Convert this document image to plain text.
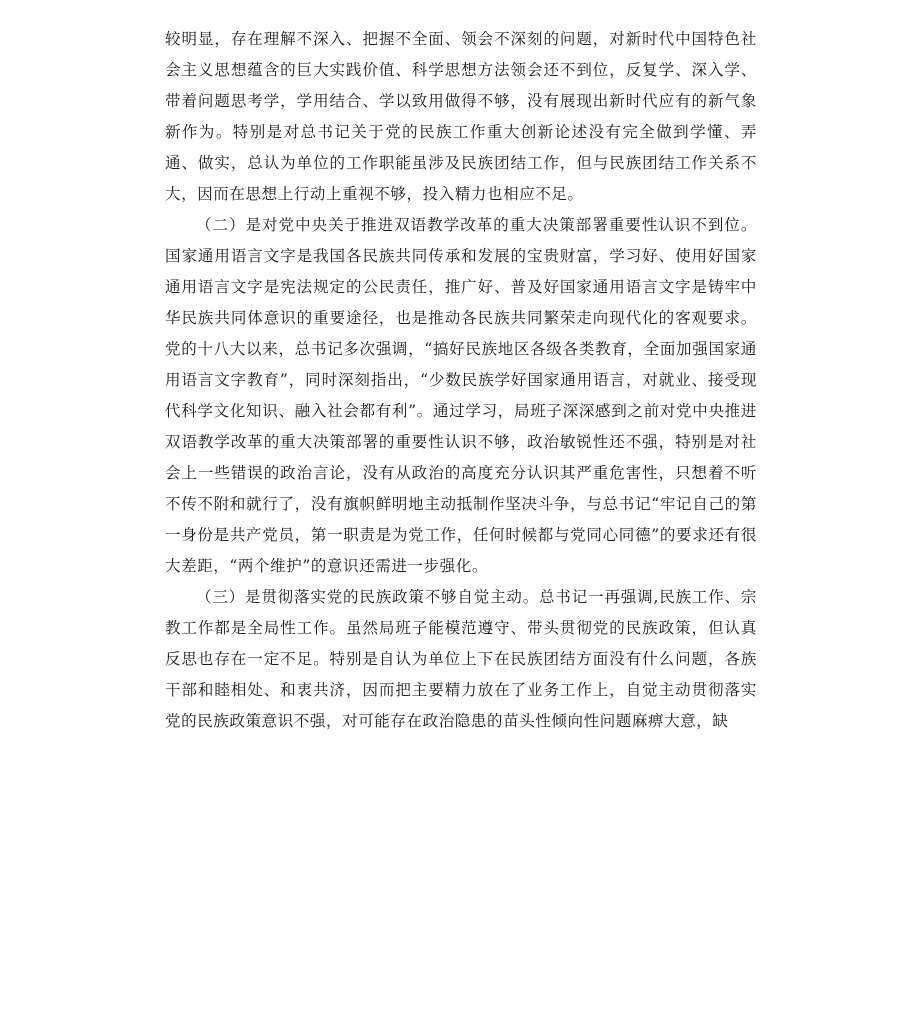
较明显，存在理解不深入、把握不全面、领会不深刻的问题，对新时代中国特色社会主义思想蕴含的巨大实践价值、科学思想方法领会还不到位，反复学、深入学、带着问题思考学，学用结合、学以致用做得不够，没有展现出新时代应有的新气象新作为。特别是对总书记关于党的民族工作重大创新论述没有完全做到学懂、弄通、做实，总认为单位的工作职能虽涉及民族团结工作，但与民族团结工作关系不大，因而在思想上行动上重视不够，投入精力也相应不足。

（二）是对党中央关于推进双语教学改革的重大决策部署重要性认识不到位。国家通用语言文字是我国各民族共同传承和发展的宝贵财富，学习好、使用好国家通用语言文字是宪法规定的公民责任，推广好、普及好国家通用语言文字是铸牢中华民族共同体意识的重要途径，也是推动各民族共同繁荣走向现代化的客观要求。党的十八大以来，总书记多次强调，“搞好民族地区各级各类教育，全面加强国家通用语言文字教育”，同时深刻指出，“少数民族学好国家通用语言，对就业、接受现代科学文化知识、融入社会都有利”。通过学习，局班子深深感到之前对党中央推进双语教学改革的重大决策部署的重要性认识不够，政治敏锐性还不强，特别是对社会上一些错误的政治言论，没有从政治的高度充分认识其严重危害性，只想着不听不传不附和就行了，没有旗帜鲜明地主动抵制作坚决斗争，与总书记“牢记自己的第一身份是共产党员，第一职责是为党工作，任何时候都与党同心同德”的要求还有很大差距，“两个维护”的意识还需进一步强化。

（三）是贯彻落实党的民族政策不够自觉主动。总书记一再强调,民族工作、宗教工作都是全局性工作。虽然局班子能模范遵守、带头贯彻党的民族政策，但认真反思也存在一定不足。特别是自认为单位上下在民族团结方面没有什么问题，各族干部和睦相处、和衷共济，因而把主要精力放在了业务工作上，自觉主动贯彻落实党的民族政策意识不强，对可能存在政治隐患的苗头性倾向性问题麻痹大意，缺
